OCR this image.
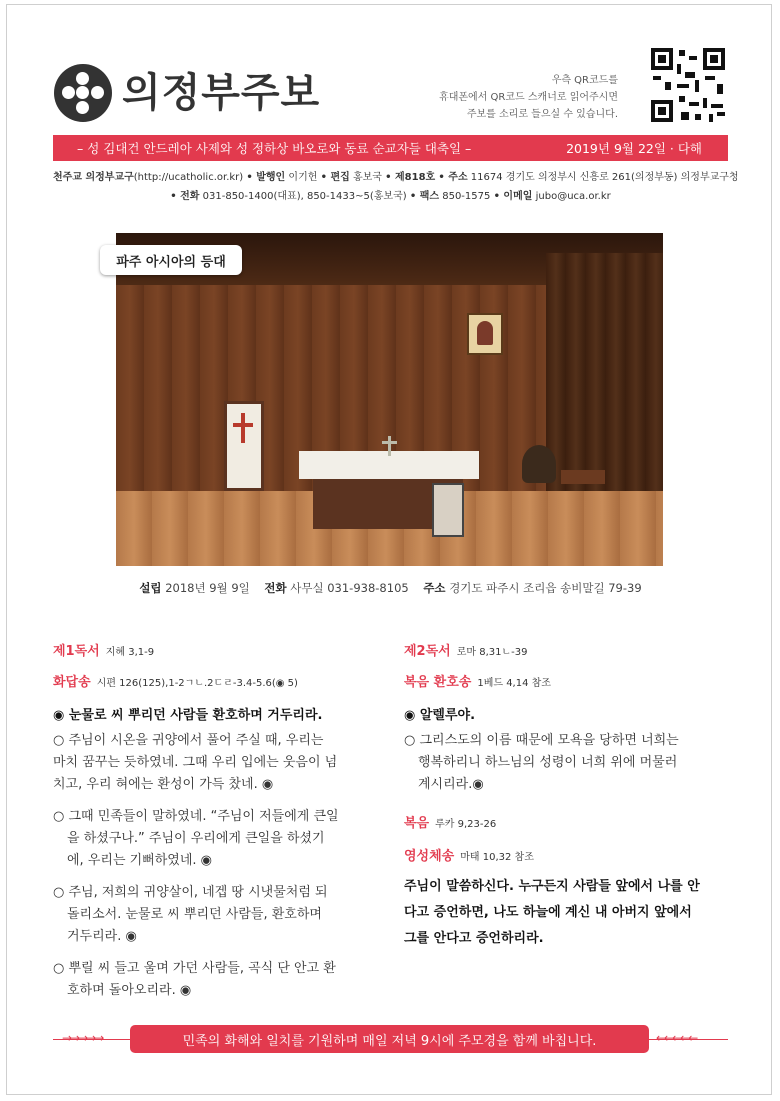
의정부주보	우측 QR코드를
휴대폰에서 QR코드 스캐너로 읽어주시면
주보를 소리로 들으실 수 있습니다.
– 성 김대건 안드레아 사제와 성 정하상 바오로와 동료 순교자들 대축일 –	2019년 9월 22일 · 다해
천주교 의정부교구(http://ucatholic.or.kr) • 발행인 이기헌 • 편집 홍보국 • 제818호 • 주소 11674 경기도 의정부시 신흥로 261(의정부동) 의정부교구청
• 전화 031-850-1400(대표), 850-1433~5(홍보국) • 팩스 850-1575 • 이메일 jubo@uca.or.kr
파주 아시아의 등대
설립 2018년 9월 9일 전화 사무실 031-938-8105 주소 경기도 파주시 조리읍 송비말길 79-39
제1독서 지혜 3,1-9
화답송 시편 126(125),1-2ㄱㄴ.2ㄷㄹ-3.4-5.6(◉ 5)
◉ 눈물로 씨 뿌리던 사람들 환호하며 거두리라.
○ 주님이 시온을 귀양에서 풀어 주실 때, 우리는
마치 꿈꾸는 듯하였네. 그때 우리 입에는 웃음이 넘
치고, 우리 혀에는 환성이 가득 찼네. ◉
○ 그때 민족들이 말하였네. “주님이 저들에게 큰일
을 하셨구나.” 주님이 우리에게 큰일을 하셨기
에, 우리는 기뻐하였네. ◉
○ 주님, 저희의 귀양살이, 네겝 땅 시냇물처럼 되
돌리소서. 눈물로 씨 뿌리던 사람들, 환호하며
거두리라. ◉
○ 뿌릴 씨 들고 울며 가던 사람들, 곡식 단 안고 환
호하며 돌아오리라. ◉
제2독서 로마 8,31ㄴ-39
복음 환호송 1베드 4,14 참조
◉ 알렐루야.
○ 그리스도의 이름 때문에 모욕을 당하면 너희는
행복하리니 하느님의 성령이 너희 위에 머물러
계시리라.◉
복음 루카 9,23-26
영성체송 마태 10,32 참조
주님이 말씀하신다. 누구든지 사람들 앞에서 나를 안
다고 증언하면, 나도 하늘에 계신 내 아버지 앞에서
그를 안다고 증언하리라.
→→→→→	민족의 화해와 일치를 기원하며 매일 저녁 9시에 주모경을 함께 바칩니다.	←←←←←
